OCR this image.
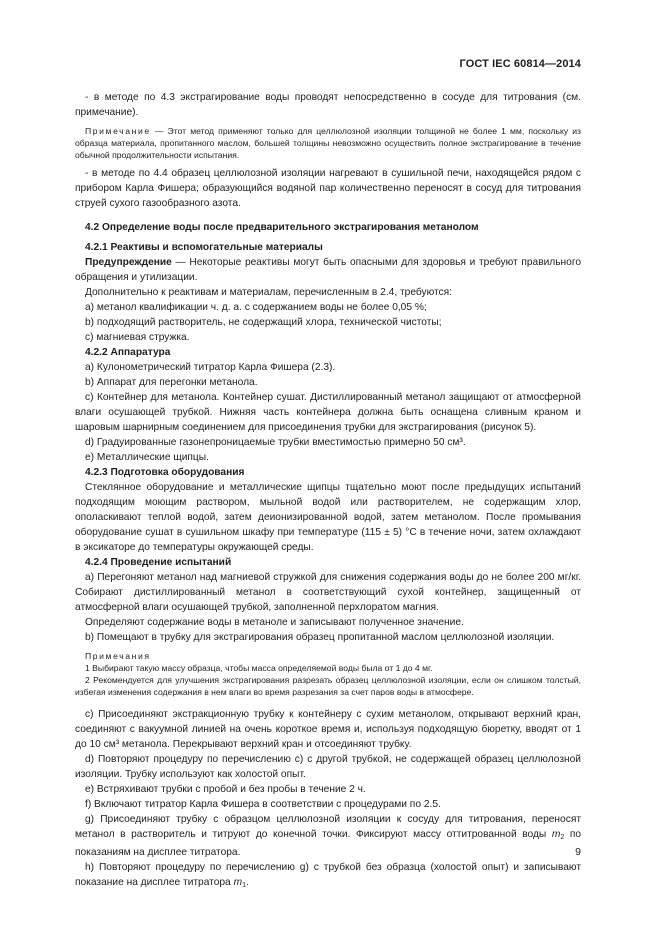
ГОСТ IEC 60814—2014

- в методе по 4.3 экстрагирование воды проводят непосредственно в сосуде для титрования (см. примечание).

Примечание — Этот метод применяют только для целлюлозной изоляции толщиной не более 1 мм, поскольку из образца материала, пропитанного маслом, большей толщины невозможно осуществить полное экстрагирование в течение обычной продолжительности испытания.

- в методе по 4.4 образец целлюлозной изоляции нагревают в сушильной печи, находящейся рядом с прибором Карла Фишера; образующийся водяной пар количественно переносят в сосуд для титрования струей сухого газообразного азота.

4.2 Определение воды после предварительного экстрагирования метанолом

4.2.1 Реактивы и вспомогательные материалы

Предупреждение — Некоторые реактивы могут быть опасными для здоровья и требуют правильного обращения и утилизации.

Дополнительно к реактивам и материалам, перечисленным в 2.4, требуются:

a) метанол квалификации ч. д. а. с содержанием воды не более 0,05 %;

b) подходящий растворитель, не содержащий хлора, технической чистоты;

c) магниевая стружка.

4.2.2 Аппаратура

a) Кулонометрический титратор Карла Фишера (2.3).

b) Аппарат для перегонки метанола.

c) Контейнер для метанола. Контейнер сушат. Дистиллированный метанол защищают от атмосферной влаги осушающей трубкой. Нижняя часть контейнера должна быть оснащена сливным краном и шаровым шарнирным соединением для присоединения трубки для экстрагирования (рисунок 5).

d) Градуированные газонепроницаемые трубки вместимостью примерно 50 см³.

e) Металлические щипцы.

4.2.3 Подготовка оборудования

Стеклянное оборудование и металлические щипцы тщательно моют после предыдущих испытаний подходящим моющим раствором, мыльной водой или растворителем, не содержащим хлор, ополаскивают теплой водой, затем деионизированной водой, затем метанолом. После промывания оборудование сушат в сушильном шкафу при температуре (115 ± 5) °С в течение ночи, затем охлаждают в эксикаторе до температуры окружающей среды.

4.2.4 Проведение испытаний

a) Перегоняют метанол над магниевой стружкой для снижения содержания воды до не более 200 мг/кг. Собирают дистиллированный метанол в соответствующий сухой контейнер, защищенный от атмосферной влаги осушающей трубкой, заполненной перхлоратом магния.

Определяют содержание воды в метаноле и записывают полученное значение.

b) Помещают в трубку для экстрагирования образец пропитанной маслом целлюлозной изоляции.

Примечания

1 Выбирают такую массу образца, чтобы масса определяемой воды была от 1 до 4 мг.

2 Рекомендуется для улучшения экстрагирования разрезать образец целлюлозной изоляции, если он слишком толстый, избегая изменения содержания в нем влаги во время разрезания за счет паров воды в атмосфере.

c) Присоединяют экстракционную трубку к контейнеру с сухим метанолом, открывают верхний кран, соединяют с вакуумной линией на очень короткое время и, используя подходящую бюретку, вводят от 1 до 10 см³ метанола. Перекрывают верхний кран и отсоединяют трубку.

d) Повторяют процедуру по перечислению с) с другой трубкой, не содержащей образец целлюлозной изоляции. Трубку используют как холостой опыт.

e) Встряхивают трубки с пробой и без пробы в течение 2 ч.

f) Включают титратор Карла Фишера в соответствии с процедурами по 2.5.

g) Присоединяют трубку с образцом целлюлозной изоляции к сосуду для титрования, переносят метанол в растворитель и титруют до конечной точки. Фиксируют массу оттитрованной воды $m_2$ по показаниям на дисплее титратора.

h) Повторяют процедуру по перечислению g) с трубкой без образца (холостой опыт) и записывают показание на дисплее титратора $m_1$.

9
